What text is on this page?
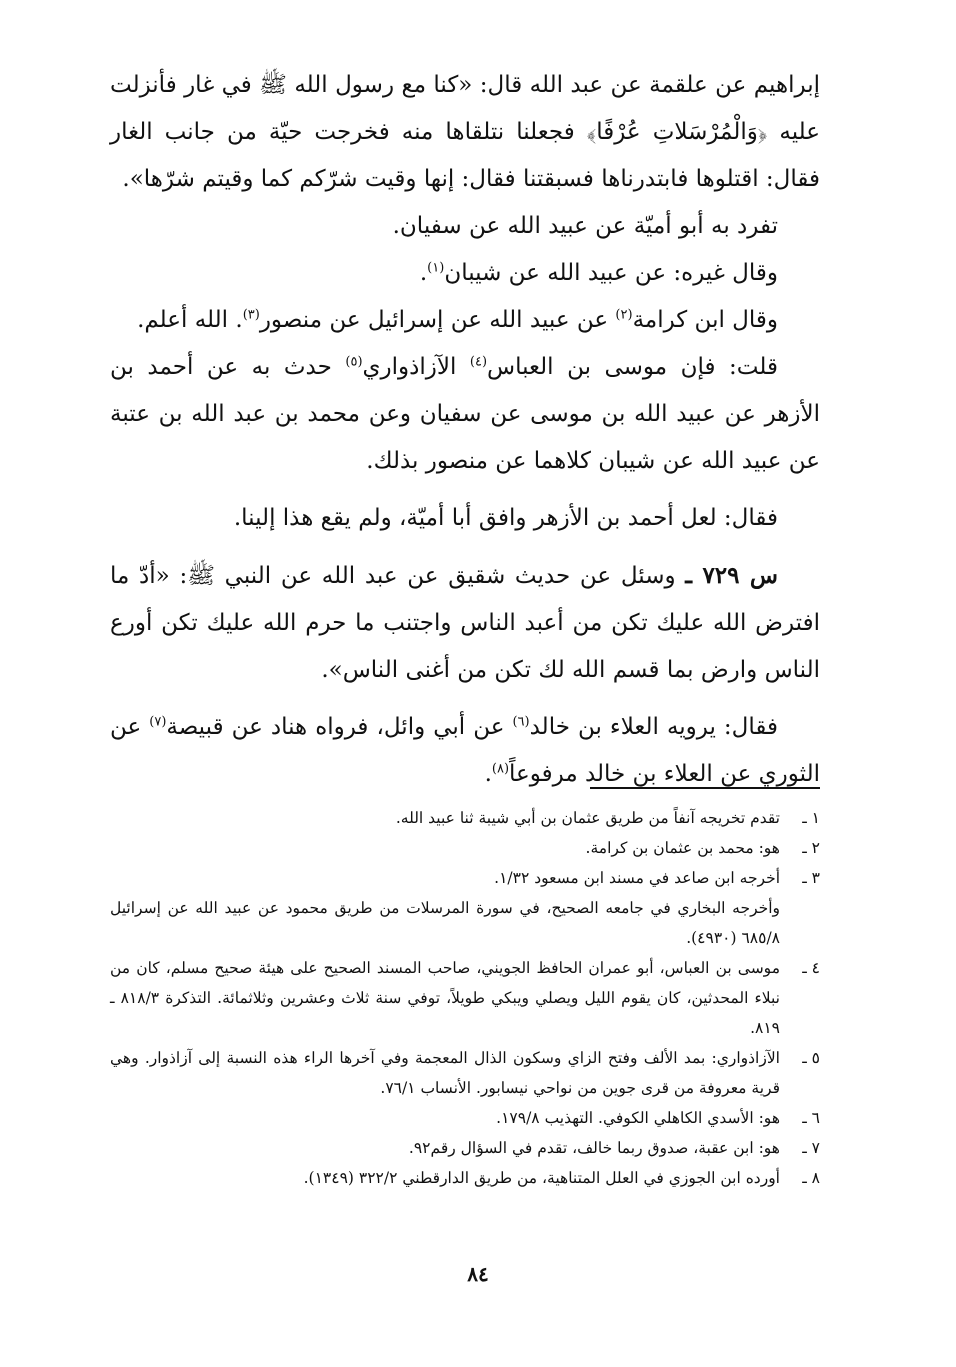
إبراهيم عن علقمة عن عبد الله قال: «كنا مع رسول الله ﷺ في غار فأنزلت عليه ﴿وَالْمُرْسَلاتِ عُرْفًا﴾ فجعلنا نتلقاها منه فخرجت حيّة من جانب الغار فقال: اقتلوها فابتدرناها فسبقتنا فقال: إنها وقيت شرّكم كما وقيتم شرّها».

تفرد به أبو أميّة عن عبيد الله عن سفيان.

وقال غيره: عن عبيد الله عن شيبان$^{(١)}$.

وقال ابن كرامة$^{(٢)}$ عن عبيد الله عن إسرائيل عن منصور$^{(٣)}$. الله أعلم.

قلت: فإن موسى بن العباس$^{(٤)}$ الآزاذواري$^{(٥)}$ حدث به عن أحمد بن الأزهر عن عبيد الله بن موسى عن سفيان وعن محمد بن عبد الله بن عتبة عن عبيد الله عن شيبان كلاهما عن منصور بذلك.

فقال: لعل أحمد بن الأزهر وافق أبا أميّة، ولم يقع هذا إلينا.

س ٧٢٩ ـ وسئل عن حديث شقيق عن عبد الله عن النبي ﷺ: «أدّ ما افترض الله عليك تكن من أعبد الناس واجتنب ما حرم الله عليك تكن أورع الناس وارض بما قسم الله لك تكن من أغنى الناس».

فقال: يرويه العلاء بن خالد$^{(٦)}$ عن أبي وائل، فرواه هناد عن قبيصة$^{(٧)}$ عن الثوري عن العلاء بن خالد مرفوعاً$^{(٨)}$.

١ ـ
تقدم تخريجه آنفاً من طريق عثمان بن أبي شيبة ثنا عبيد الله.
٢ ـ
هو: محمد بن عثمان بن كرامة.
٣ ـ
أخرجه ابن صاعد في مسند ابن مسعود ١/٣٢.
وأخرجه البخاري في جامعه الصحيح، في سورة المرسلات من طريق محمود عن عبيد الله عن إسرائيل ٦٨٥/٨ (٤٩٣٠).
٤ ـ
موسى بن العباس، أبو عمران الحافظ الجويني، صاحب المسند الصحيح على هيئة صحيح مسلم، كان من نبلاء المحدثين، كان يقوم الليل ويصلي ويبكي طويلاً، توفي سنة ثلاث وعشرين وثلاثمائة. التذكرة ٨١٨/٣ ـ ٨١٩.
٥ ـ
الآزاذواري: بمد الألف وفتح الزاي وسكون الذال المعجمة وفي آخرها الراء هذه النسبة إلى آزاذوار. وهي قرية معروفة من قرى جوين من نواحي نيسابور. الأنساب ٧٦/١.
٦ ـ
هو: الأسدي الكاهلي الكوفي. التهذيب ١٧٩/٨.
٧ ـ
هو: ابن عقبة، صدوق ربما خالف، تقدم في السؤال رقم٩٢.
٨ ـ
أورده ابن الجوزي في العلل المتناهية، من طريق الدارقطني ٣٢٢/٢ (١٣٤٩).
٨٤
